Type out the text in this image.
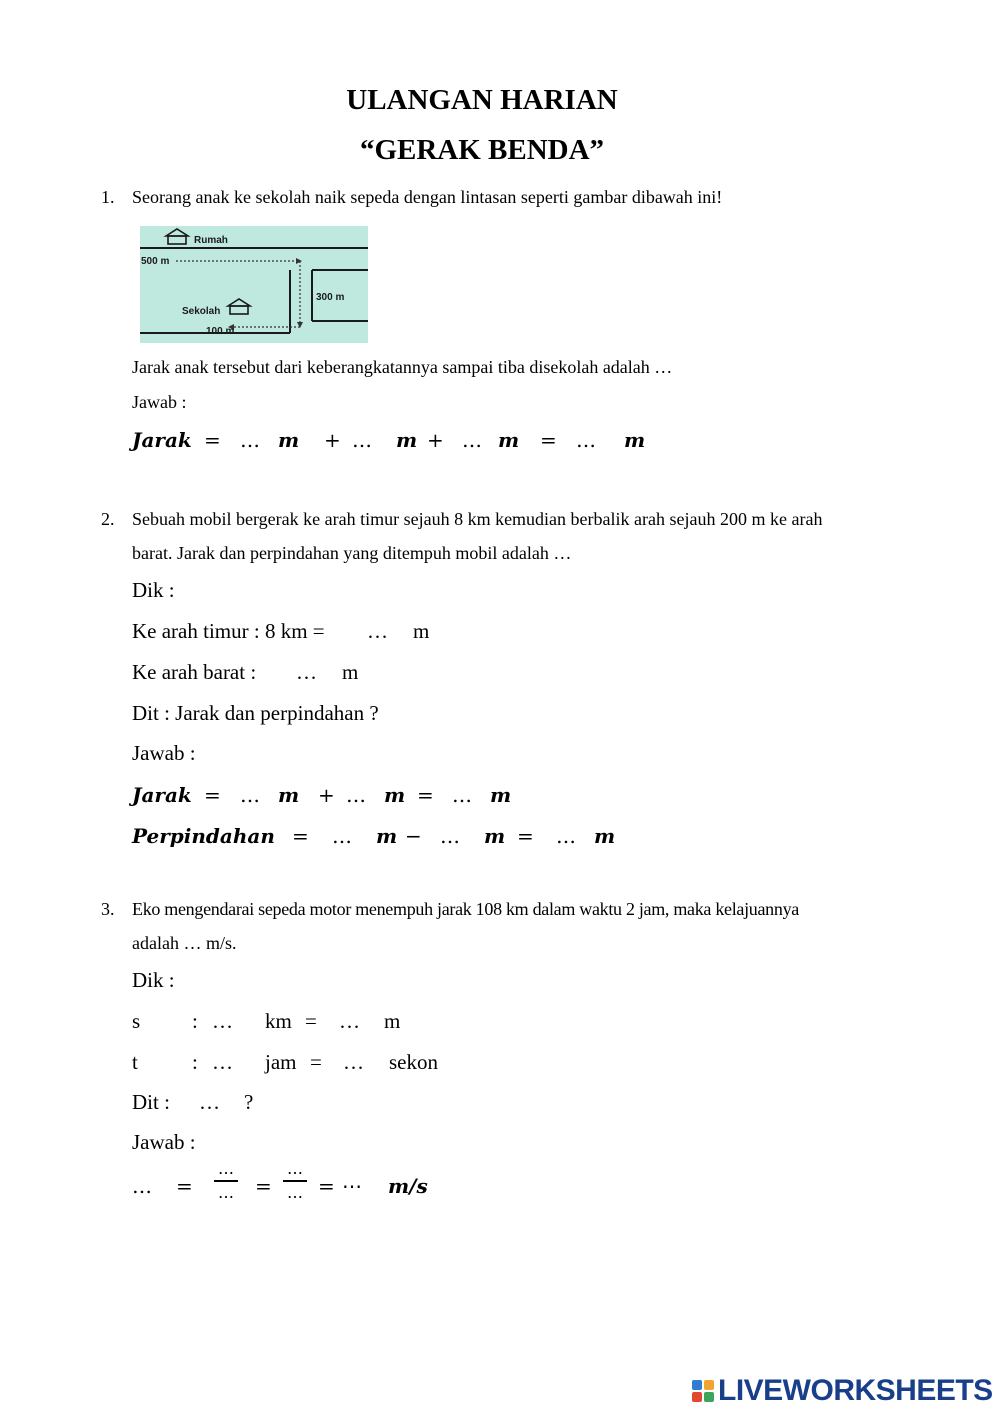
ULANGAN HARIAN
“GERAK BENDA”
1. Seorang anak ke sekolah naik sepeda dengan lintasan seperti gambar dibawah ini!
Rumah
500 m
300 m
Sekolah
100 m
Jarak anak tersebut dari keberangkatannya sampai tiba disekolah adalah …
Jawab :
Jarak = … m + … m + … m = … m
2. Sebuah mobil bergerak ke arah timur sejauh 8 km kemudian berbalik arah sejauh 200 m ke arah
barat. Jarak dan perpindahan yang ditempuh mobil adalah …
Dik :
Ke arah timur : 8 km = … m
Ke arah barat : … m
Dit : Jarak dan perpindahan ?
Jawab :
Jarak = … m + … m = … m
Perpindahan = … m − … m = … m
3. Eko mengendarai sepeda motor menempuh jarak 108 km dalam waktu 2 jam, maka kelajuannya
adalah … m/s.
Dik :
s : … km = … m
t	: … jam = … sekon
Dit : … ?
Jawab :
… =
…
… =
…
… = ⋯ m/s
LIVEWORKSHEETS
